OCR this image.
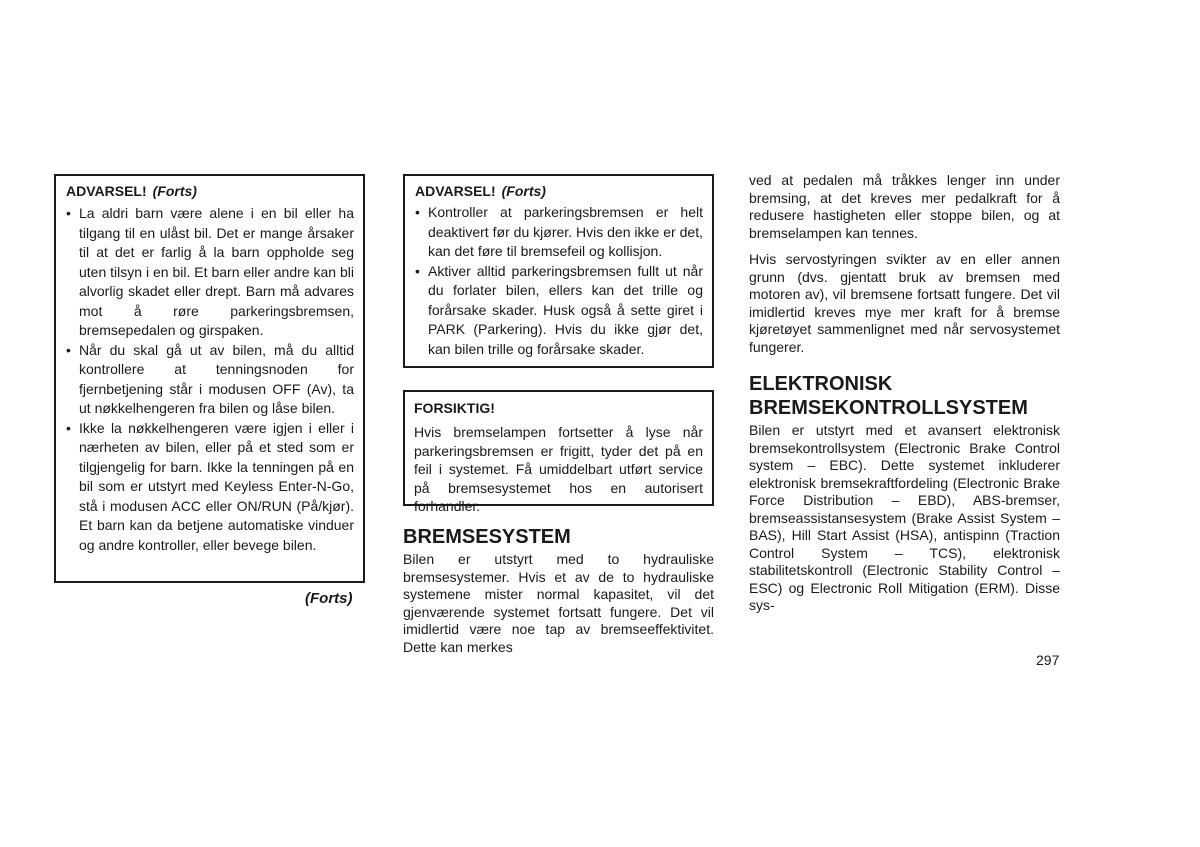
ADVARSEL! (Forts)
• La aldri barn være alene i en bil eller ha tilgang til en ulåst bil. Det er mange årsaker til at det er farlig å la barn oppholde seg uten tilsyn i en bil. Et barn eller andre kan bli alvorlig skadet eller drept. Barn må advares mot å røre parkeringsbremsen, bremsepedalen og girspaken.
• Når du skal gå ut av bilen, må du alltid kontrollere at tenningsnoden for fjernbetjening står i modusen OFF (Av), ta ut nøkkelhengeren fra bilen og låse bilen.
• Ikke la nøkkelhengeren være igjen i eller i nærheten av bilen, eller på et sted som er tilgjengelig for barn. Ikke la tenningen på en bil som er utstyrt med Keyless Enter-N-Go, stå i modusen ACC eller ON/RUN (På/kjør). Et barn kan da betjene automatiske vinduer og andre kontroller, eller bevege bilen.
(Forts)
ADVARSEL! (Forts)
• Kontroller at parkeringsbremsen er helt deaktivert før du kjører. Hvis den ikke er det, kan det føre til bremsefeil og kollisjon.
• Aktiver alltid parkeringsbremsen fullt ut når du forlater bilen, ellers kan det trille og forårsake skader. Husk også å sette giret i PARK (Parkering). Hvis du ikke gjør det, kan bilen trille og forårsake skader.
FORSIKTIG!

Hvis bremselampen fortsetter å lyse når parkeringsbremsen er frigitt, tyder det på en feil i systemet. Få umiddelbart utført service på bremsesystemet hos en autorisert forhandler.

BREMSESYSTEM

Bilen er utstyrt med to hydrauliske bremsesystemer. Hvis et av de to hydrauliske systemene mister normal kapasitet, vil det gjenværende systemet fortsatt fungere. Det vil imidlertid være noe tap av bremseeffektivitet. Dette kan merkes

ved at pedalen må tråkkes lenger inn under bremsing, at det kreves mer pedalkraft for å redusere hastigheten eller stoppe bilen, og at bremselampen kan tennes.

Hvis servostyringen svikter av en eller annen grunn (dvs. gjentatt bruk av bremsen med motoren av), vil bremsene fortsatt fungere. Det vil imidlertid kreves mye mer kraft for å bremse kjøretøyet sammenlignet med når servosystemet fungerer.

ELEKTRONISK
BREMSEKONTROLLSYSTEM

Bilen er utstyrt med et avansert elektronisk bremsekontrollsystem (Electronic Brake Control system – EBC). Dette systemet inkluderer elektronisk bremsekraftfordeling (Electronic Brake Force Distribution – EBD), ABS-bremser, bremseassistansesystem (Brake Assist System – BAS), Hill Start Assist (HSA), antispinn (Traction Control System – TCS), elektronisk stabilitetskontroll (Electronic Stability Control – ESC) og Electronic Roll Mitigation (ERM). Disse sys-

297
